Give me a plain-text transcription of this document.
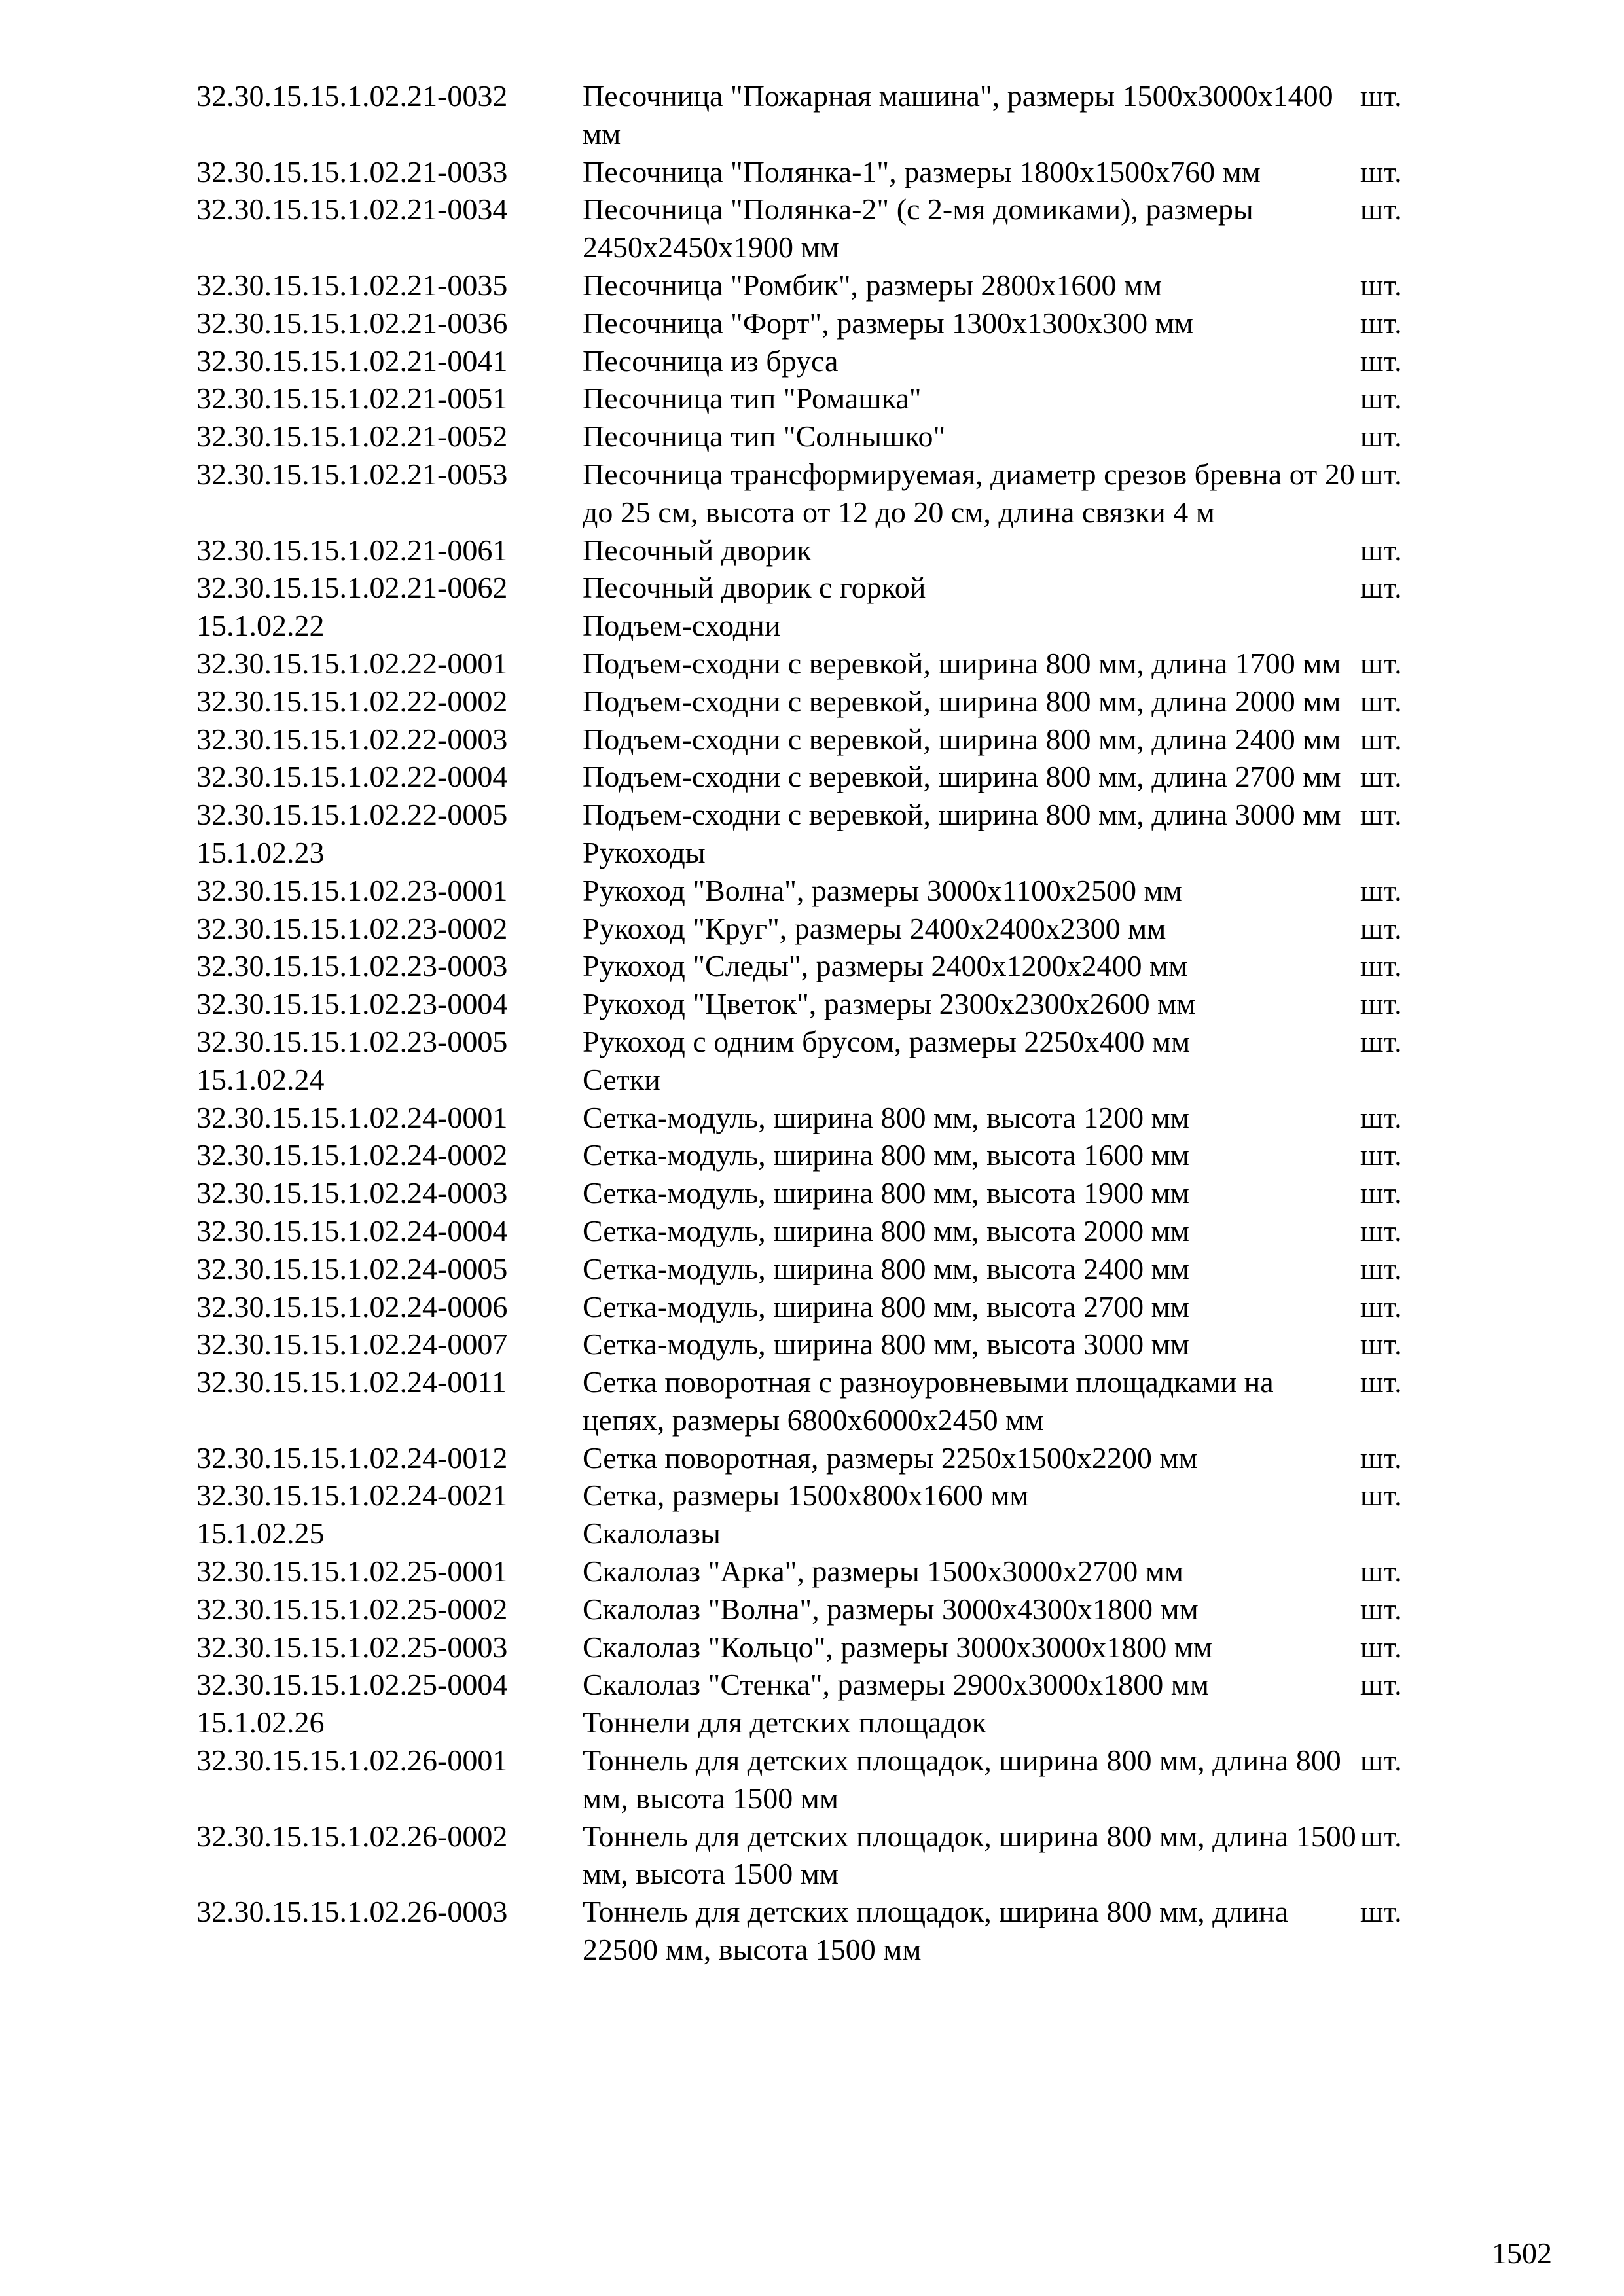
32.30.15.15.1.02.21-0032	Песочница "Пожарная машина", размеры 1500х3000х1400 мм	шт.
32.30.15.15.1.02.21-0033	Песочница "Полянка-1", размеры 1800х1500х760 мм	шт.
32.30.15.15.1.02.21-0034	Песочница "Полянка-2" (с 2-мя домиками), размеры 2450х2450х1900 мм	шт.
32.30.15.15.1.02.21-0035	Песочница "Ромбик", размеры 2800х1600 мм	шт.
32.30.15.15.1.02.21-0036	Песочница "Форт", размеры 1300х1300х300 мм	шт.
32.30.15.15.1.02.21-0041	Песочница из бруса	шт.
32.30.15.15.1.02.21-0051	Песочница тип "Ромашка"	шт.
32.30.15.15.1.02.21-0052	Песочница тип "Солнышко"	шт.
32.30.15.15.1.02.21-0053	Песочница трансформируемая, диаметр срезов бревна от 20 до 25 см, высота от 12 до 20 см, длина связки 4 м	шт.
32.30.15.15.1.02.21-0061	Песочный дворик	шт.
32.30.15.15.1.02.21-0062	Песочный дворик с горкой	шт.
15.1.02.22	Подъем-сходни	
32.30.15.15.1.02.22-0001	Подъем-сходни с веревкой, ширина 800 мм, длина 1700 мм	шт.
32.30.15.15.1.02.22-0002	Подъем-сходни с веревкой, ширина 800 мм, длина 2000 мм	шт.
32.30.15.15.1.02.22-0003	Подъем-сходни с веревкой, ширина 800 мм, длина 2400 мм	шт.
32.30.15.15.1.02.22-0004	Подъем-сходни с веревкой, ширина 800 мм, длина 2700 мм	шт.
32.30.15.15.1.02.22-0005	Подъем-сходни с веревкой, ширина 800 мм, длина 3000 мм	шт.
15.1.02.23	Рукоходы	
32.30.15.15.1.02.23-0001	Рукоход "Волна", размеры 3000х1100х2500 мм	шт.
32.30.15.15.1.02.23-0002	Рукоход "Круг", размеры 2400х2400х2300 мм	шт.
32.30.15.15.1.02.23-0003	Рукоход "Следы", размеры 2400х1200х2400 мм	шт.
32.30.15.15.1.02.23-0004	Рукоход "Цветок", размеры 2300х2300х2600 мм	шт.
32.30.15.15.1.02.23-0005	Рукоход с одним брусом, размеры 2250х400 мм	шт.
15.1.02.24	Сетки	
32.30.15.15.1.02.24-0001	Сетка-модуль, ширина 800 мм, высота 1200 мм	шт.
32.30.15.15.1.02.24-0002	Сетка-модуль, ширина 800 мм, высота 1600 мм	шт.
32.30.15.15.1.02.24-0003	Сетка-модуль, ширина 800 мм, высота 1900 мм	шт.
32.30.15.15.1.02.24-0004	Сетка-модуль, ширина 800 мм, высота 2000 мм	шт.
32.30.15.15.1.02.24-0005	Сетка-модуль, ширина 800 мм, высота 2400 мм	шт.
32.30.15.15.1.02.24-0006	Сетка-модуль, ширина 800 мм, высота 2700 мм	шт.
32.30.15.15.1.02.24-0007	Сетка-модуль, ширина 800 мм, высота 3000 мм	шт.
32.30.15.15.1.02.24-0011	Сетка поворотная с разноуровневыми площадками на цепях, размеры 6800х6000х2450 мм	шт.
32.30.15.15.1.02.24-0012	Сетка поворотная, размеры 2250х1500х2200 мм	шт.
32.30.15.15.1.02.24-0021	Сетка, размеры 1500х800х1600 мм	шт.
15.1.02.25	Скалолазы	
32.30.15.15.1.02.25-0001	Скалолаз "Арка", размеры 1500х3000х2700 мм	шт.
32.30.15.15.1.02.25-0002	Скалолаз "Волна", размеры 3000х4300х1800 мм	шт.
32.30.15.15.1.02.25-0003	Скалолаз "Кольцо", размеры 3000х3000х1800 мм	шт.
32.30.15.15.1.02.25-0004	Скалолаз "Стенка", размеры 2900х3000х1800 мм	шт.
15.1.02.26	Тоннели для детских площадок	
32.30.15.15.1.02.26-0001	Тоннель для детских площадок, ширина 800 мм, длина 800 мм, высота 1500 мм	шт.
32.30.15.15.1.02.26-0002	Тоннель для детских площадок, ширина 800 мм, длина 1500 мм, высота 1500 мм	шт.
32.30.15.15.1.02.26-0003	Тоннель для детских площадок, ширина 800 мм, длина 22500 мм, высота 1500 мм	шт.
1502
